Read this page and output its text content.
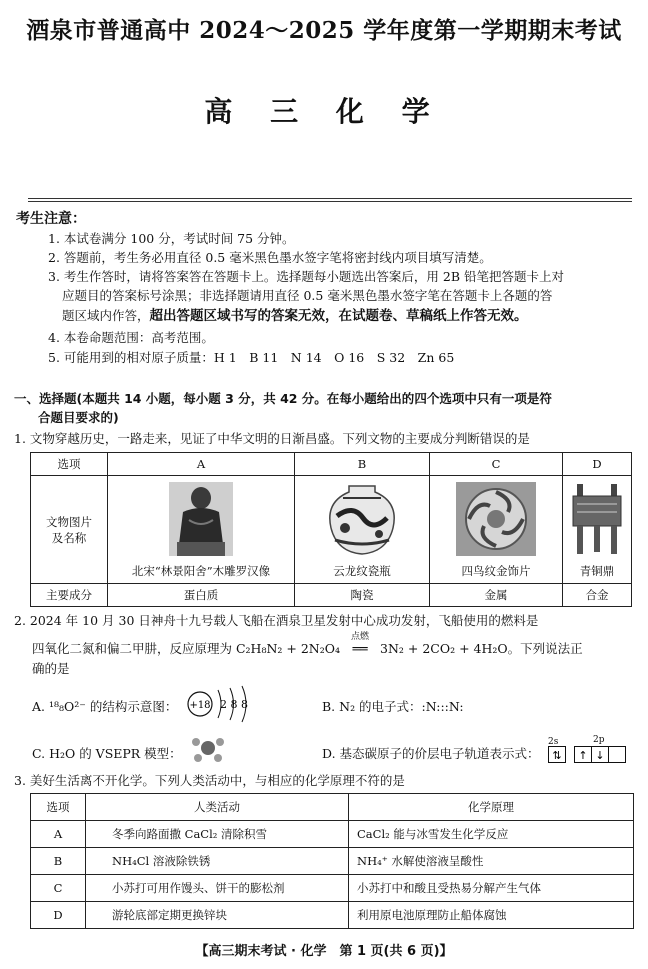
酒泉市普通高中 2024～2025 学年度第一学期期末考试
高 三 化 学
考生注意：
1. 本试卷满分 100 分，考试时间 75 分钟。
2. 答题前，考生务必用直径 0.5 毫米黑色墨水签字笔将密封线内项目填写清楚。
3. 考生作答时，请将答案答在答题卡上。选择题每小题选出答案后，用 2B 铅笔把答题卡上对
应题目的答案标号涂黑；非选择题请用直径 0.5 毫米黑色墨水签字笔在答题卡上各题的答
题区域内作答，超出答题区域书写的答案无效，在试题卷、草稿纸上作答无效。
4. 本卷命题范围：高考范围。
5. 可能用到的相对原子质量：H 1　B 11　N 14　O 16　S 32　Zn 65
一、选择题(本题共 14 小题，每小题 3 分，共 42 分。在每小题给出的四个选项中只有一项是符
合题目要求的)
1. 文物穿越历史，一路走来，见证了中华文明的日渐昌盛。下列文物的主要成分判断错误的是
选项	A	B	C	D

文物图片
及名称	北宋“林景阳舍”木雕罗汉像	云龙纹瓷瓶	四鸟纹金饰片	青铜鼎

主要成分	蛋白质	陶瓷	金属	合金
2. 2024 年 10 月 30 日神舟十九号载人飞船在酒泉卫星发射中心成功发射，飞船使用的燃料是
四氧化二氮和偏二甲肼，反应原理为 C₂H₈N₂ + 2N₂O₄
点燃
══ 3N₂ + 2CO₂ + 4H₂O。下列说法正
确的是
A. ¹⁸₈O²⁻ 的结构示意图： +18 2 8 8	B. N₂ 的电子式：:N:::N:
C. H₂O 的 VSEPR 模型：	D. 基态碳原子的价层电子轨道表示式：
2s	2p
⇅ ↑ ↓
3. 美好生活离不开化学。下列人类活动中，与相应的化学原理不符的是
选项	人类活动	化学原理
A	冬季向路面撒 CaCl₂ 清除积雪	CaCl₂ 能与冰雪发生化学反应
B	NH₄Cl 溶液除铁锈	NH₄⁺ 水解使溶液呈酸性
C	小苏打可用作馒头、饼干的膨松剂	小苏打中和酸且受热易分解产生气体
D	游轮底部定期更换锌块	利用原电池原理防止船体腐蚀
【高三期末考试 · 化学　第 1 页(共 6 页)】
